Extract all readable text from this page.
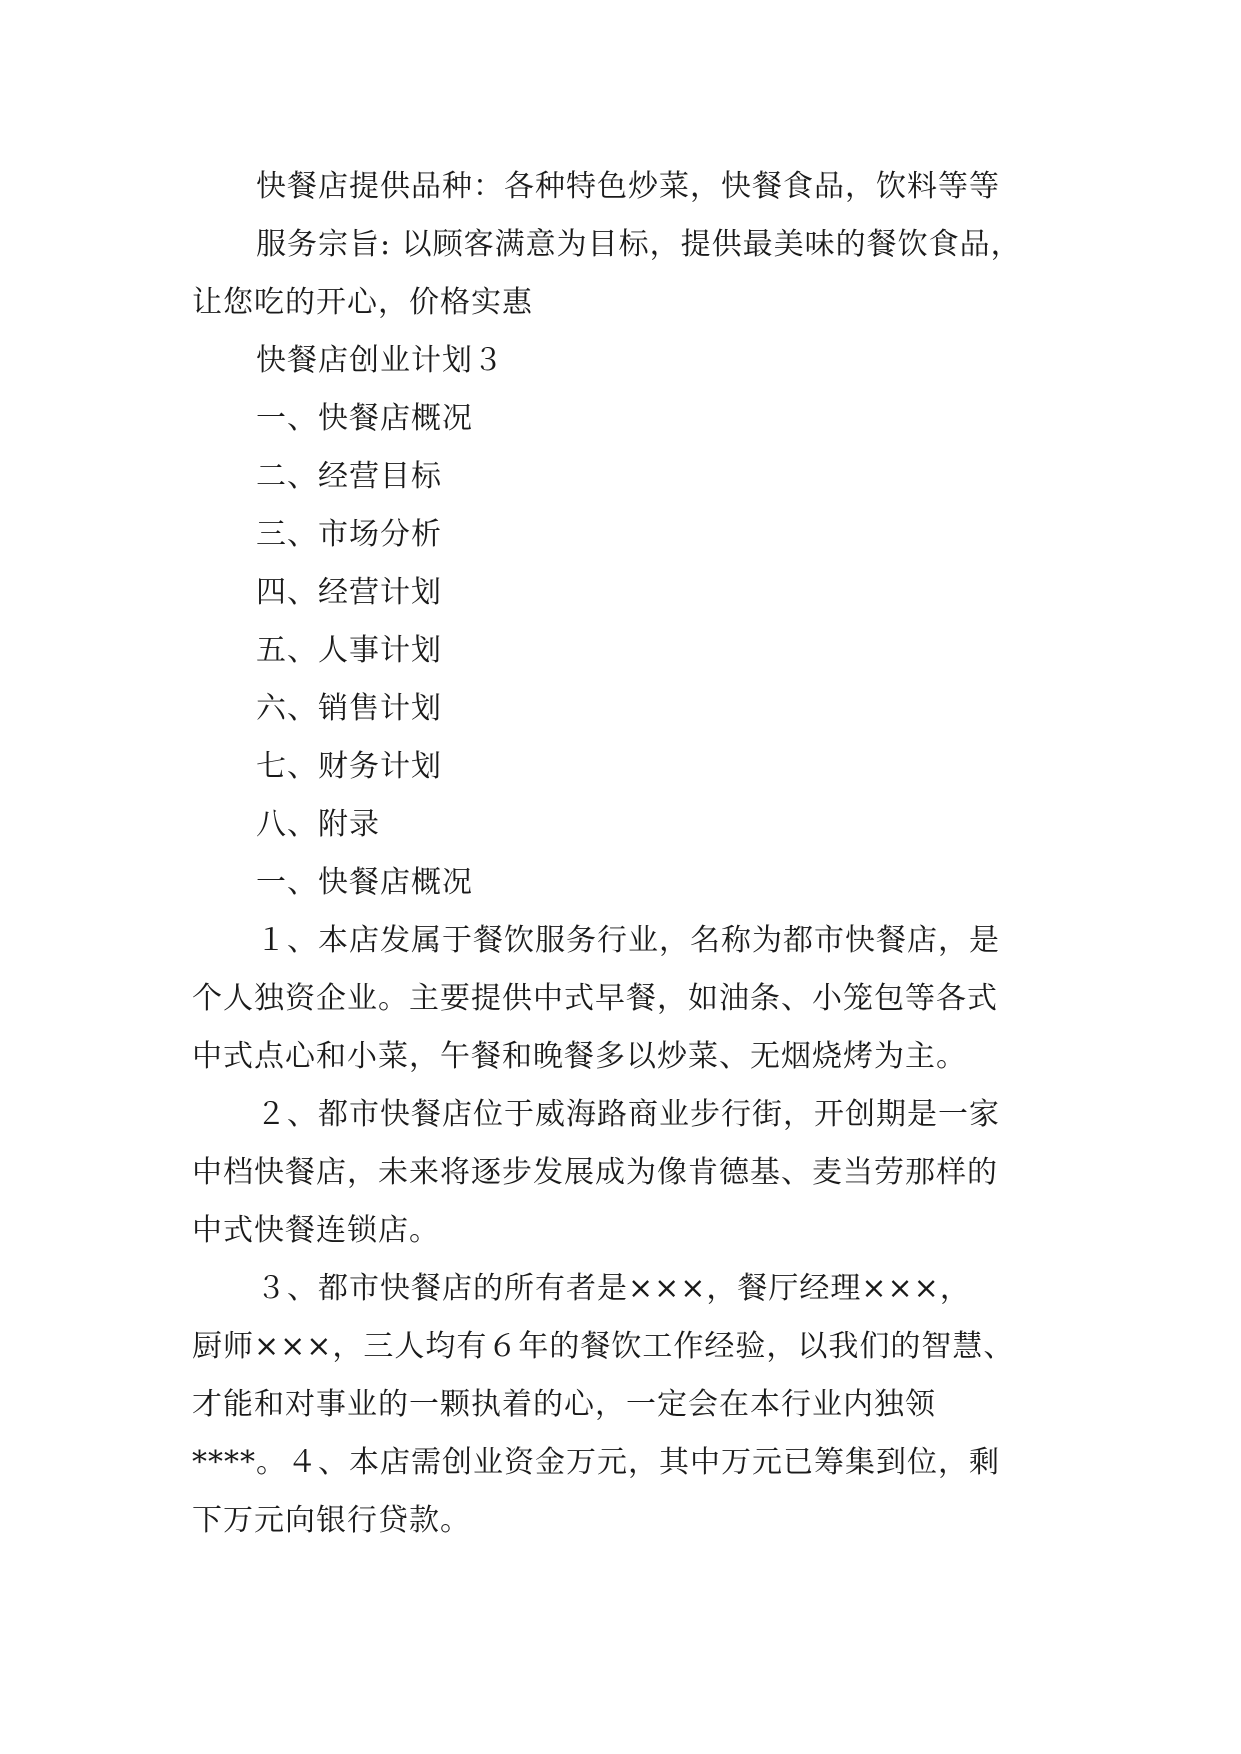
快餐店提供品种：各种特色炒菜，快餐食品，饮料等等
服务宗旨: 以顾客满意为目标，提供最美味的餐饮食品，
让您吃的开心，价格实惠
快餐店创业计划３
一、快餐店概况
二、经营目标
三、市场分析
四、经营计划
五、人事计划
六、销售计划
七、财务计划
八、附录
一、快餐店概况
１、本店发属于餐饮服务行业，名称为都市快餐店，是
个人独资企业。主要提供中式早餐，如油条、小笼包等各式
中式点心和小菜，午餐和晚餐多以炒菜、无烟烧烤为主。
２、都市快餐店位于威海路商业步行街，开创期是一家
中档快餐店，未来将逐步发展成为像肯德基、麦当劳那样的
中式快餐连锁店。
３、都市快餐店的所有者是×××，餐厅经理×××，
厨师×××，三人均有６年的餐饮工作经验，以我们的智慧、
才能和对事业的一颗执着的心，一定会在本行业内独领
****。４、本店需创业资金万元，其中万元已筹集到位，剩
下万元向银行贷款。
